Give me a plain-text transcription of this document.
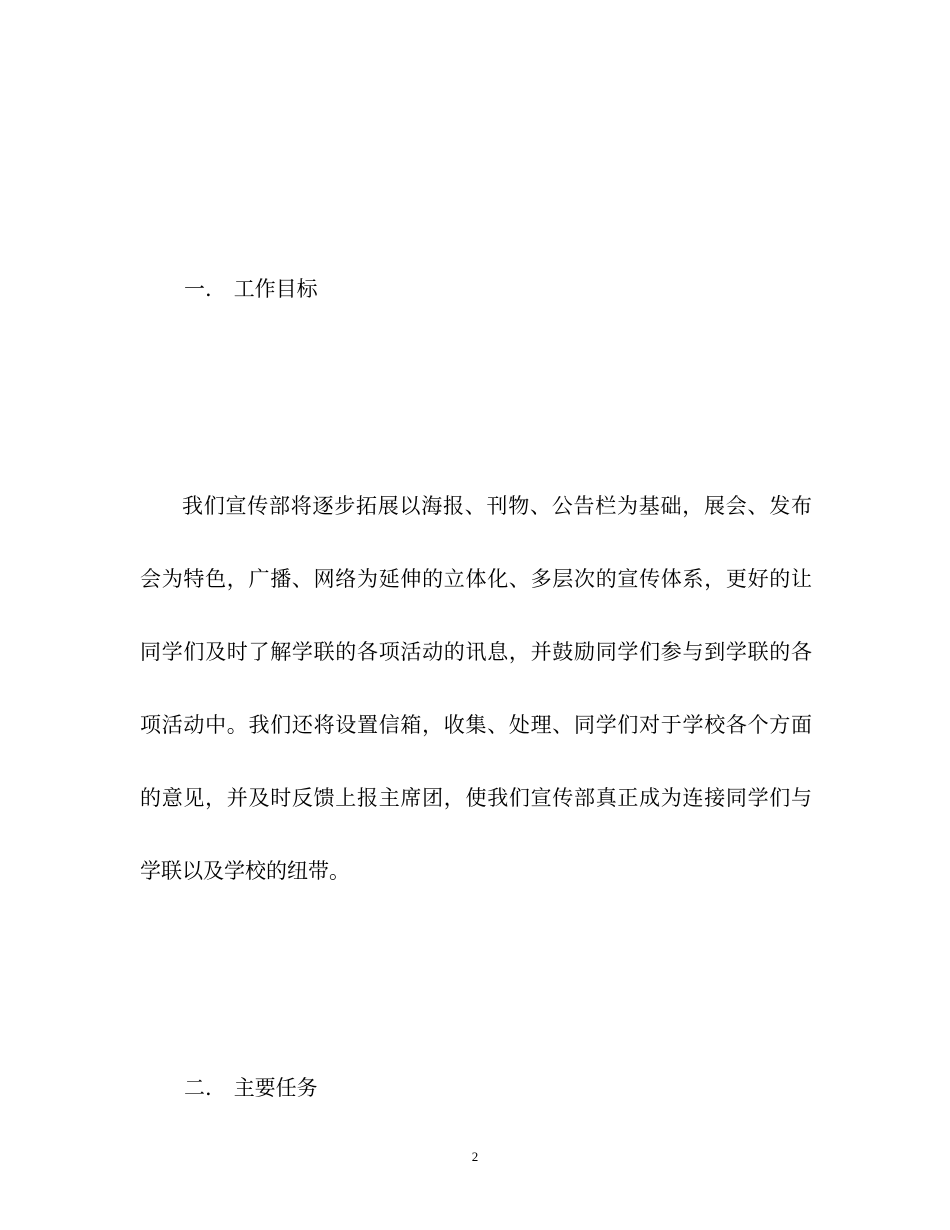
一. 工作目标
我们宣传部将逐步拓展以海报、刊物、公告栏为基础，展会、发布
会为特色，广播、网络为延伸的立体化、多层次的宣传体系，更好的让
同学们及时了解学联的各项活动的讯息，并鼓励同学们参与到学联的各
项活动中。我们还将设置信箱，收集、处理、同学们对于学校各个方面
的意见，并及时反馈上报主席团，使我们宣传部真正成为连接同学们与
学联以及学校的纽带。
二. 主要任务
2
